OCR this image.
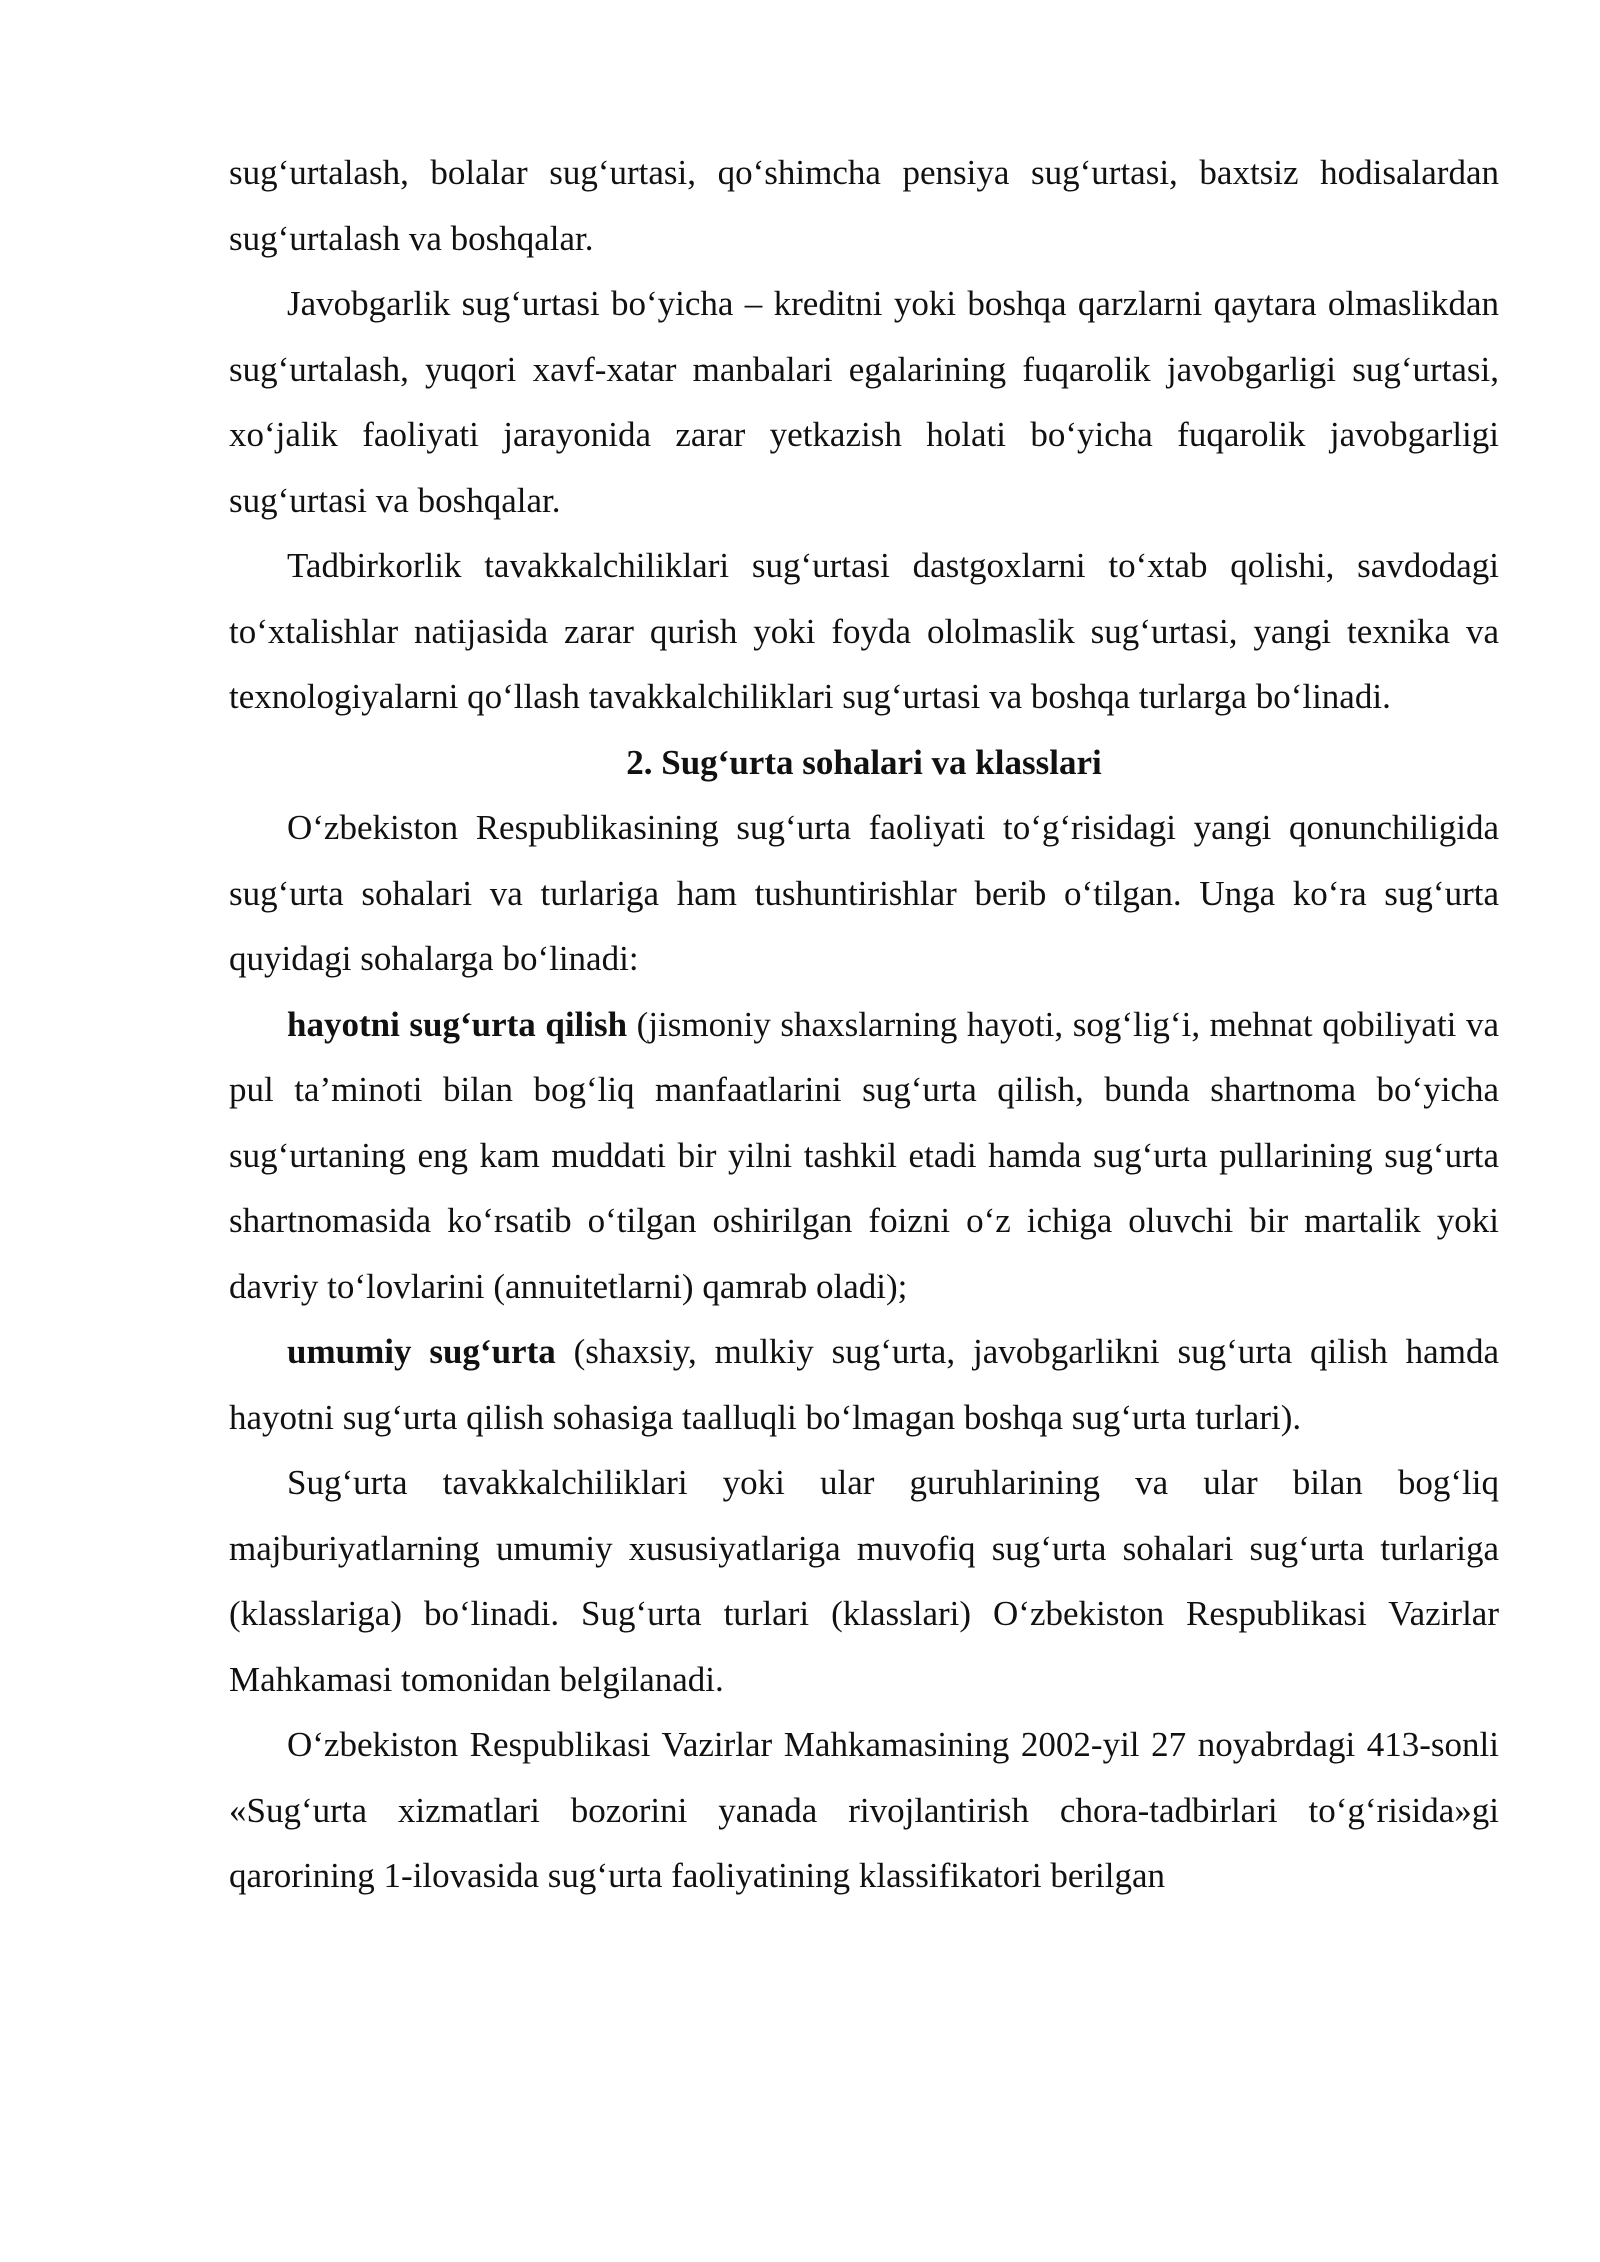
sug‘urtalash, bolalar sug‘urtasi, qo‘shimcha pensiya sug‘urtasi, baxtsiz hodisalardan sug‘urtalash va boshqalar.

Javobgarlik sug‘urtasi bo‘yicha – kreditni yoki boshqa qarzlarni qaytara olmaslikdan sug‘urtalash, yuqori xavf-xatar manbalari egalarining fuqarolik javobgarligi sug‘urtasi, xo‘jalik faoliyati jarayonida zarar yetkazish holati bo‘yicha fuqarolik javobgarligi sug‘urtasi va boshqalar.

Tadbirkorlik tavakkalchiliklari sug‘urtasi dastgoxlarni to‘xtab qolishi, savdodagi to‘xtalishlar natijasida zarar qurish yoki foyda ololmaslik sug‘urtasi, yangi texnika va texnologiyalarni qo‘llash tavakkalchiliklari sug‘urtasi va boshqa turlarga bo‘linadi.

2. Sug‘urta sohalari va klasslari

O‘zbekiston Respublikasining sug‘urta faoliyati to‘g‘risidagi yangi qonunchiligida sug‘urta sohalari va turlariga ham tushuntirishlar berib o‘tilgan. Unga ko‘ra sug‘urta quyidagi sohalarga bo‘linadi:

hayotni sug‘urta qilish (jismoniy shaxslarning hayoti, sog‘lig‘i, mehnat qobiliyati va pul ta’minoti bilan bog‘liq manfaatlarini sug‘urta qilish, bunda shartnoma bo‘yicha sug‘urtaning eng kam muddati bir yilni tashkil etadi hamda sug‘urta pullarining sug‘urta shartnomasida ko‘rsatib o‘tilgan oshirilgan foizni o‘z ichiga oluvchi bir martalik yoki davriy to‘lovlarini (annuitetlarni) qamrab oladi);

umumiy sug‘urta (shaxsiy, mulkiy sug‘urta, javobgarlikni sug‘urta qilish hamda hayotni sug‘urta qilish sohasiga taalluqli bo‘lmagan boshqa sug‘urta turlari).

Sug‘urta tavakkalchiliklari yoki ular guruhlarining va ular bilan bog‘liq majburiyatlarning umumiy xususiyatlariga muvofiq sug‘urta sohalari sug‘urta turlariga (klasslariga) bo‘linadi. Sug‘urta turlari (klasslari) O‘zbekiston Respublikasi Vazirlar Mahkamasi tomonidan belgilanadi.

O‘zbekiston Respublikasi Vazirlar Mahkamasining 2002-yil 27 noyabrdagi 413-sonli «Sug‘urta xizmatlari bozorini yanada rivojlantirish chora-tadbirlari to‘g‘risida»gi qarorining 1-ilovasida sug‘urta faoliyatining klassifikatori berilgan
